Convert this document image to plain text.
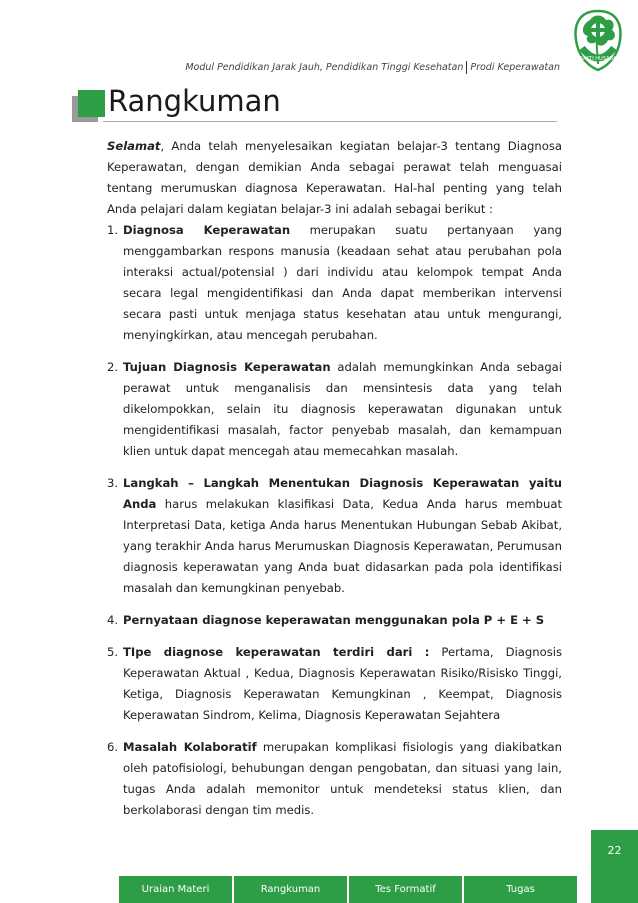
Modul Pendidikan Jarak Jauh, Pendidikan Tinggi Kesehatan Prodi Keperawatan
BAKTI HUSADA
Rangkuman

Selamat, Anda telah menyelesaikan kegiatan belajar-3 tentang Diagnosa Keperawatan, dengan demikian Anda sebagai perawat telah menguasai tentang merumuskan diagnosa Keperawatan. Hal-hal penting yang telah Anda pelajari dalam kegiatan belajar-3 ini adalah sebagai berikut :

1. Diagnosa Keperawatan merupakan suatu pertanyaan yang menggambarkan respons manusia (keadaan sehat atau perubahan pola interaksi actual/potensial ) dari individu atau kelompok tempat Anda secara legal mengidentifikasi dan Anda dapat memberikan intervensi secara pasti untuk menjaga status kesehatan atau untuk mengurangi, menyingkirkan, atau mencegah perubahan.
2. Tujuan Diagnosis Keperawatan adalah memungkinkan Anda sebagai perawat untuk menganalisis dan mensintesis data yang telah dikelompokkan, selain itu diagnosis keperawatan digunakan untuk mengidentifikasi masalah, factor penyebab masalah, dan kemampuan klien untuk dapat mencegah atau memecahkan masalah.
3. Langkah – Langkah Menentukan Diagnosis Keperawatan yaitu Anda harus melakukan klasifikasi Data, Kedua Anda harus membuat Interpretasi Data, ketiga Anda harus Menentukan Hubungan Sebab Akibat, yang terakhir Anda harus Merumuskan Diagnosis Keperawatan, Perumusan diagnosis keperawatan yang Anda buat didasarkan pada pola identifikasi masalah dan kemungkinan penyebab.
4. Pernyataan diagnose keperawatan menggunakan pola P + E + S
5. TIpe diagnose keperawatan terdiri dari : Pertama, Diagnosis Keperawatan Aktual , Kedua, Diagnosis Keperawatan Risiko/Risisko Tinggi, Ketiga, Diagnosis Keperawatan Kemungkinan , Keempat, Diagnosis Keperawatan Sindrom, Kelima, Diagnosis Keperawatan Sejahtera
6. Masalah Kolaboratif merupakan komplikasi fisiologis yang diakibatkan oleh patofisiologi, behubungan dengan pengobatan, dan situasi yang lain, tugas Anda adalah memonitor untuk mendeteksi status klien, dan berkolaborasi dengan tim medis.
22
Uraian Materi	Rangkuman	Tes Formatif	Tugas
